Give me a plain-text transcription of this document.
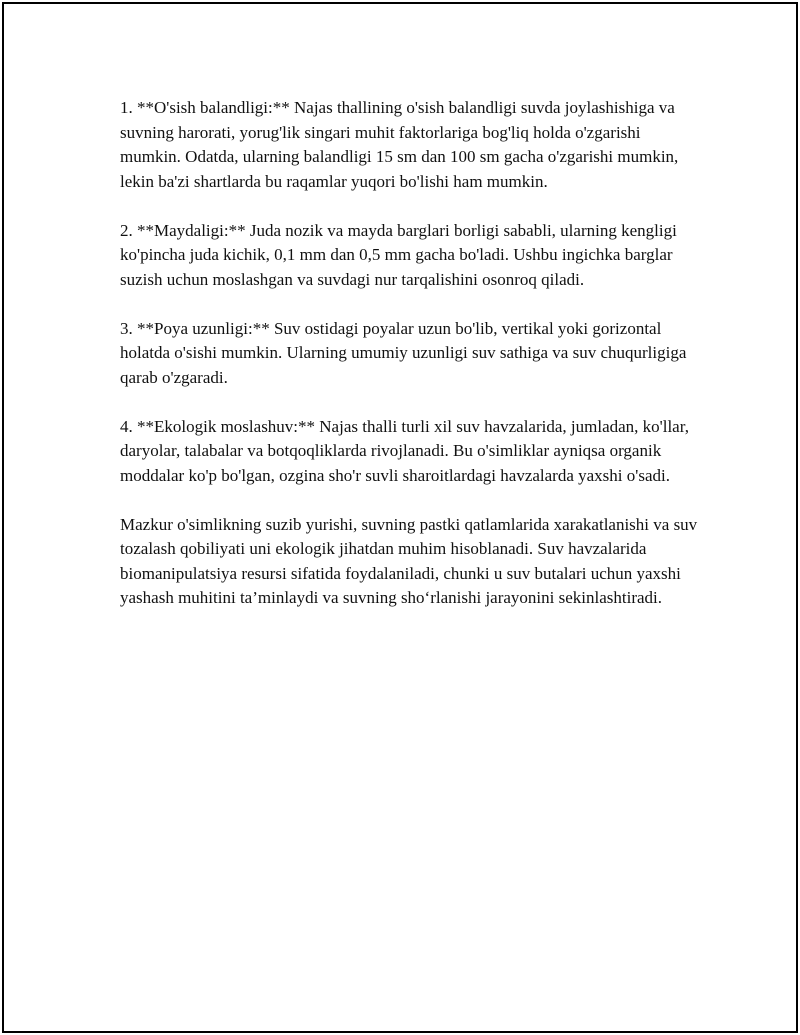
1. **O'sish balandligi:** Najas thallining o'sish balandligi suvda joylashishiga va suvning harorati, yorug'lik singari muhit faktorlariga bog'liq holda o'zgarishi mumkin. Odatda, ularning balandligi 15 sm dan 100 sm gacha o'zgarishi mumkin, lekin ba'zi shartlarda bu raqamlar yuqori bo'lishi ham mumkin.

2. **Maydaligi:** Juda nozik va mayda barglari borligi sababli, ularning kengligi ko'pincha juda kichik, 0,1 mm dan 0,5 mm gacha bo'ladi. Ushbu ingichka barglar suzish uchun moslashgan va suvdagi nur tarqalishini osonroq qiladi.

3. **Poya uzunligi:** Suv ostidagi poyalar uzun bo'lib, vertikal yoki gorizontal holatda o'sishi mumkin. Ularning umumiy uzunligi suv sathiga va suv chuqurligiga qarab o'zgaradi.

4. **Ekologik moslashuv:** Najas thalli turli xil suv havzalarida, jumladan, ko'llar, daryolar, talabalar va botqoqliklarda rivojlanadi. Bu o'simliklar ayniqsa organik moddalar ko'p bo'lgan, ozgina sho'r suvli sharoitlardagi havzalarda yaxshi o'sadi.

Mazkur o'simlikning suzib yurishi, suvning pastki qatlamlarida xarakatlanishi va suv tozalash qobiliyati uni ekologik jihatdan muhim hisoblanadi. Suv havzalarida biomanipulatsiya resursi sifatida foydalaniladi, chunki u suv butalari uchun yaxshi yashash muhitini ta’minlaydi va suvning sho‘rlanishi jarayonini sekinlashtiradi.
